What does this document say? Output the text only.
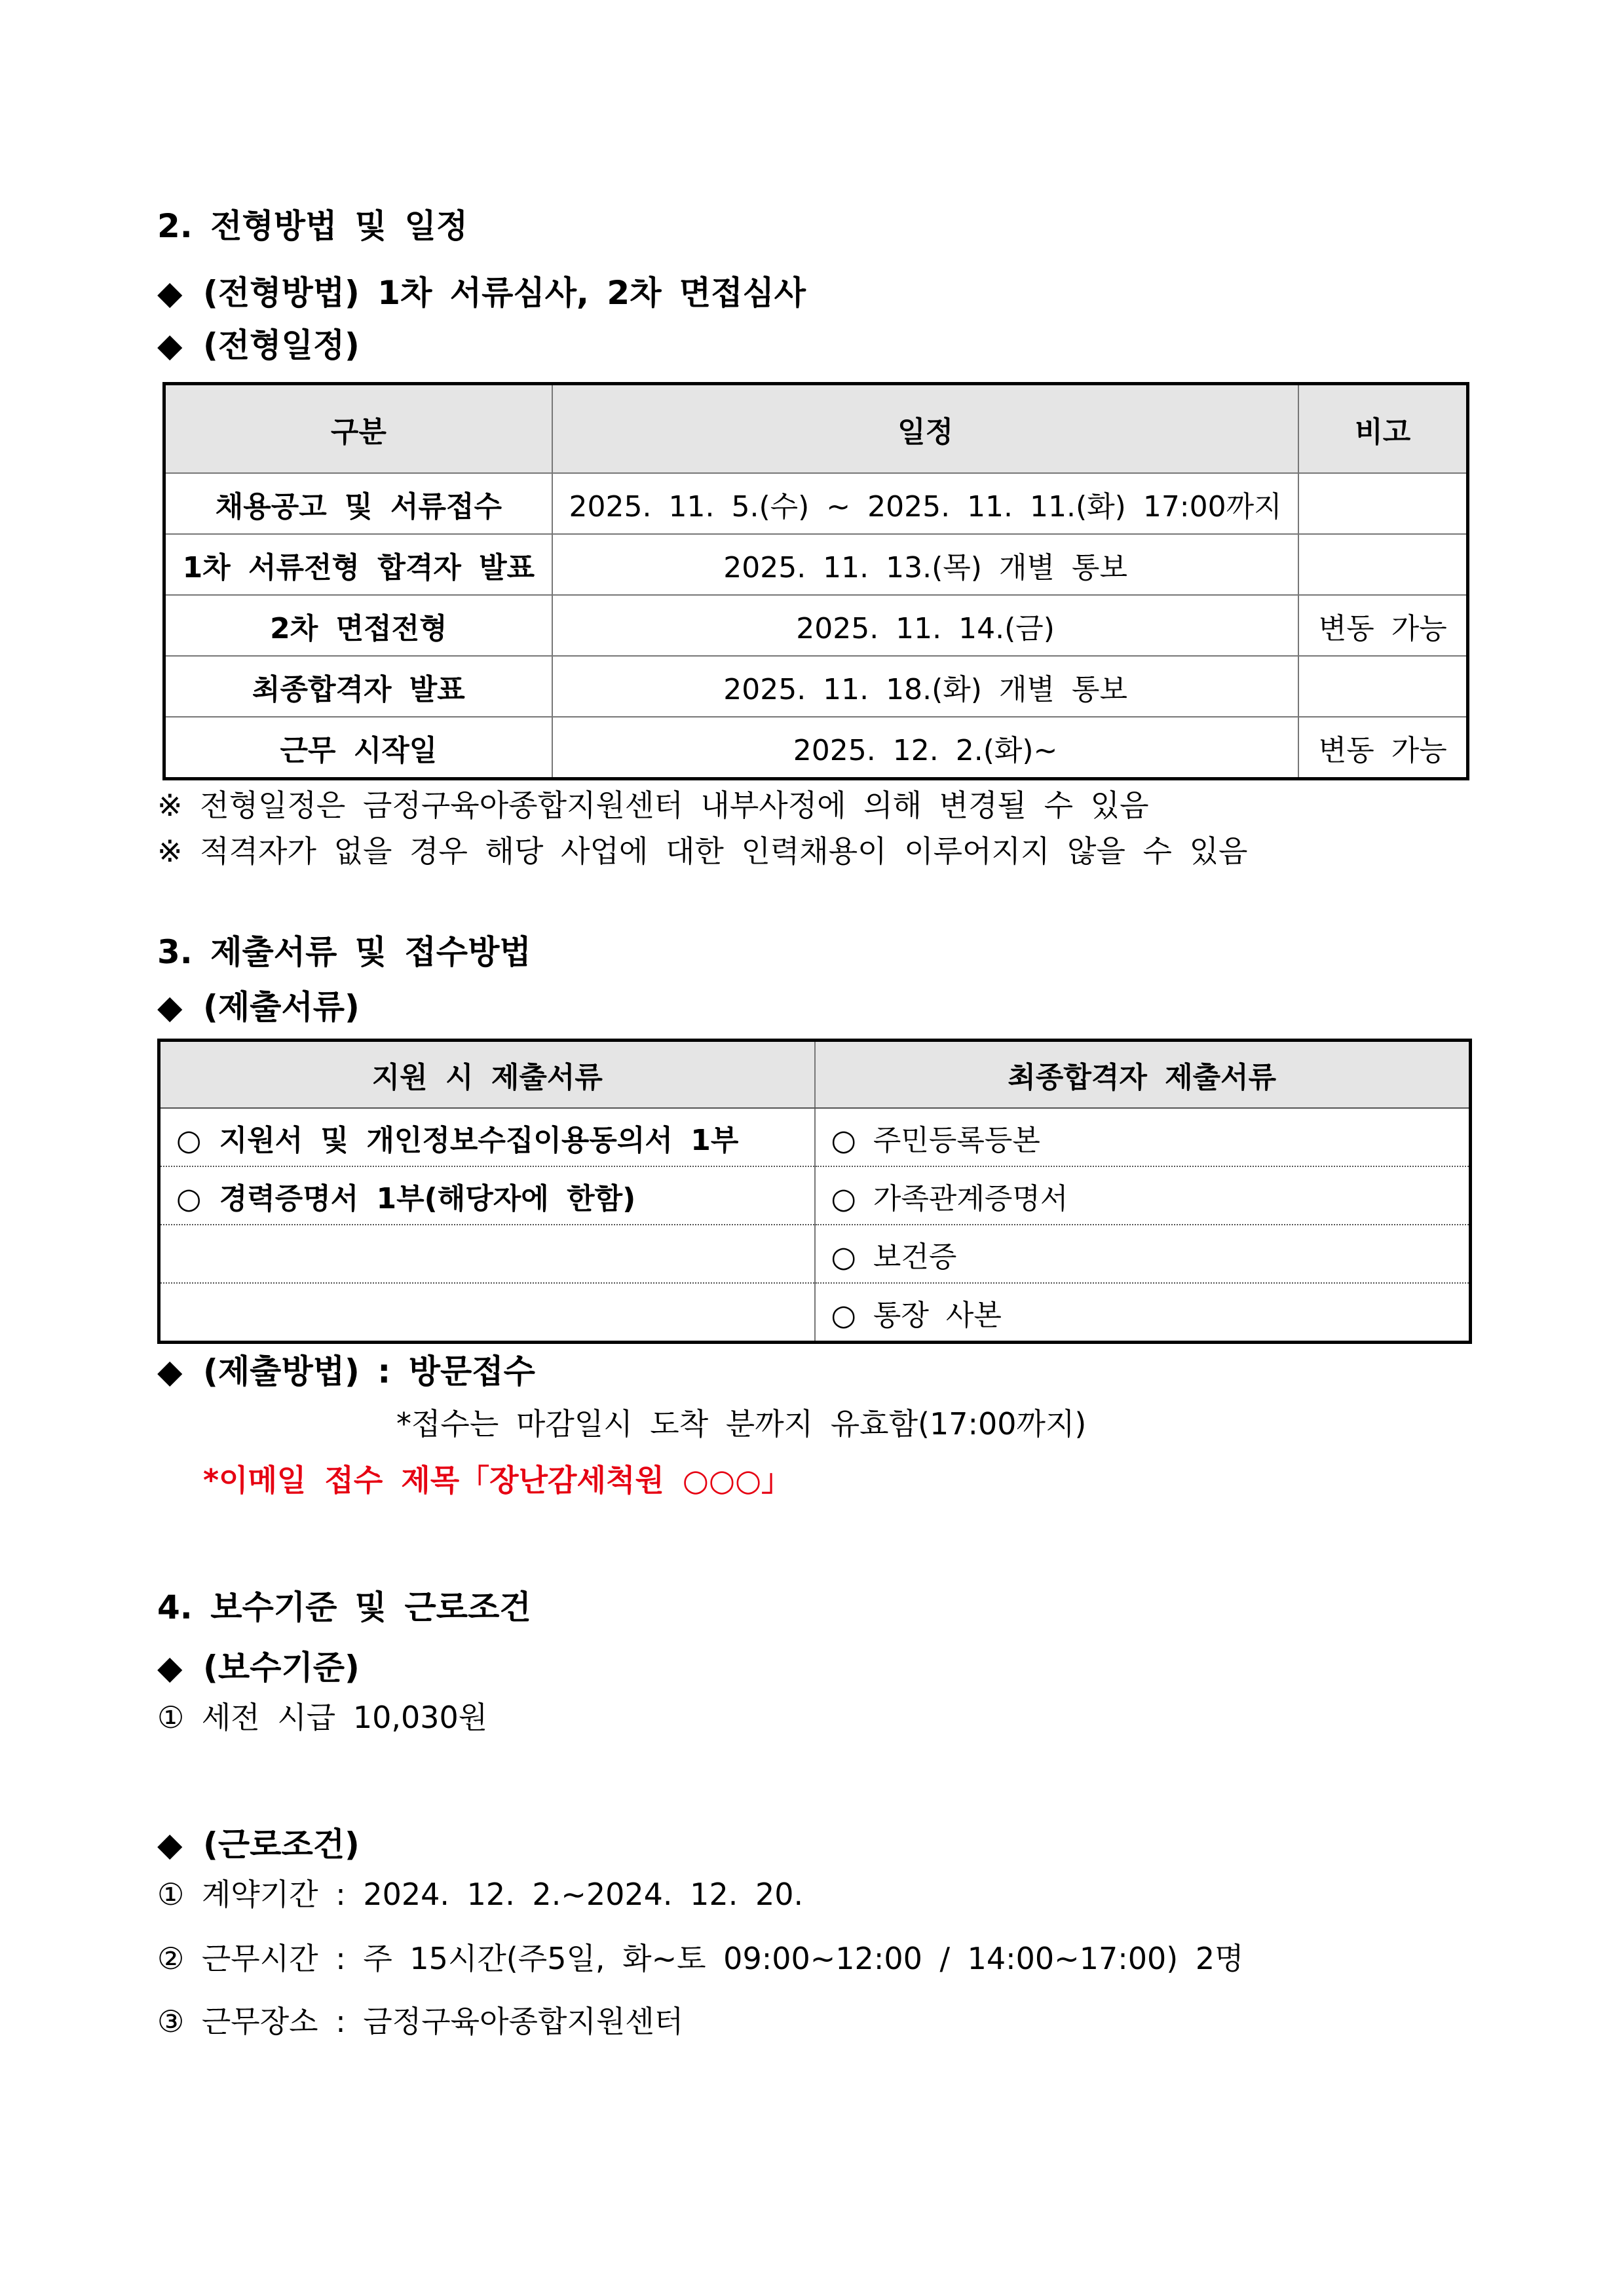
2. 전형방법 및 일정
◆ (전형방법) 1차 서류심사, 2차 면접심사
◆ (전형일정)
구분	일정	비고
채용공고 및 서류접수	2025. 11. 5.(수) ~ 2025. 11. 11.(화) 17:00까지	
1차 서류전형 합격자 발표	2025. 11. 13.(목) 개별 통보	
2차 면접전형	2025. 11. 14.(금)	변동 가능
최종합격자 발표	2025. 11. 18.(화) 개별 통보	
근무 시작일	2025. 12. 2.(화)~	변동 가능
※ 전형일정은 금정구육아종합지원센터 내부사정에 의해 변경될 수 있음
※ 적격자가 없을 경우 해당 사업에 대한 인력채용이 이루어지지 않을 수 있음
3. 제출서류 및 접수방법
◆ (제출서류)
지원 시 제출서류	최종합격자 제출서류
○ 지원서 및 개인정보수집이용동의서 1부	○ 주민등록등본
○ 경력증명서 1부(해당자에 한함)	○ 가족관계증명서
	○ 보건증
	○ 통장 사본
◆ (제출방법) : 방문접수
*접수는 마감일시 도착 분까지 유효함(17:00까지)
*이메일 접수 제목「장난감세척원 ○○○」
4. 보수기준 및 근로조건
◆ (보수기준)
① 세전 시급 10,030원
◆ (근로조건)
① 계약기간 : 2024. 12. 2.~2024. 12. 20.
② 근무시간 : 주 15시간(주5일, 화~토 09:00~12:00 / 14:00~17:00) 2명
③ 근무장소 : 금정구육아종합지원센터
